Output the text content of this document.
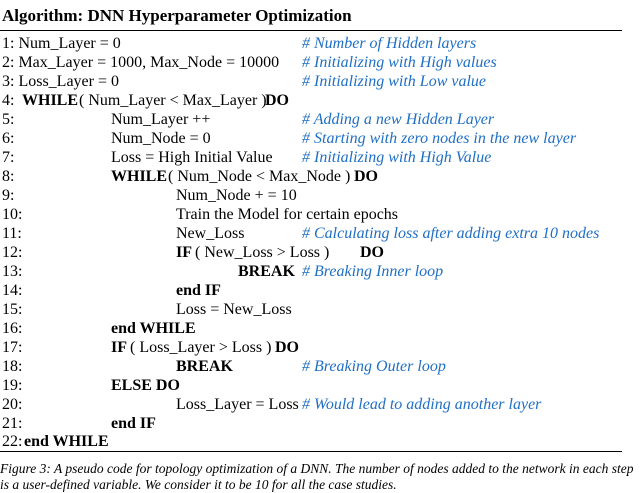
Algorithm: DNN Hyperparameter Optimization
1: Num_Layer = 0	# Number of Hidden layers
2: Max_Layer = 1000, Max_Node = 10000 # Initializing with High values
3: Loss_Layer = 0	# Initializing with Low value
4: WHILE ( Num_Layer < Max_Layer )
DO
5:	Num_Layer ++	# Adding a new Hidden Layer
6:	Num_Node = 0	# Starting with zero nodes in the new layer
7:	Loss = High Initial Value # Initializing with High Value
8:	WHILE ( Num_Node < Max_Node ) DO
9:	Num_Node + = 10
10:	Train the Model for certain epochs
11:	New_Loss	# Calculating loss after adding extra 10 nodes
12:	IF ( New_Loss > Loss ) DO
13:	BREAK # Breaking Inner loop
14:	end IF
15:	Loss = New_Loss
16:	end WHILE
17:	IF ( Loss_Layer > Loss ) DO
18:	BREAK	# Breaking Outer loop
19:	ELSE DO
20:	Loss_Layer = Loss # Would lead to adding another layer
21:	end IF
22: end WHILE
Figure 3: A pseudo code for topology optimization of a DNN. The number of nodes added to the network in each step is a user-defined variable. We consider it to be 10 for all the case studies.
